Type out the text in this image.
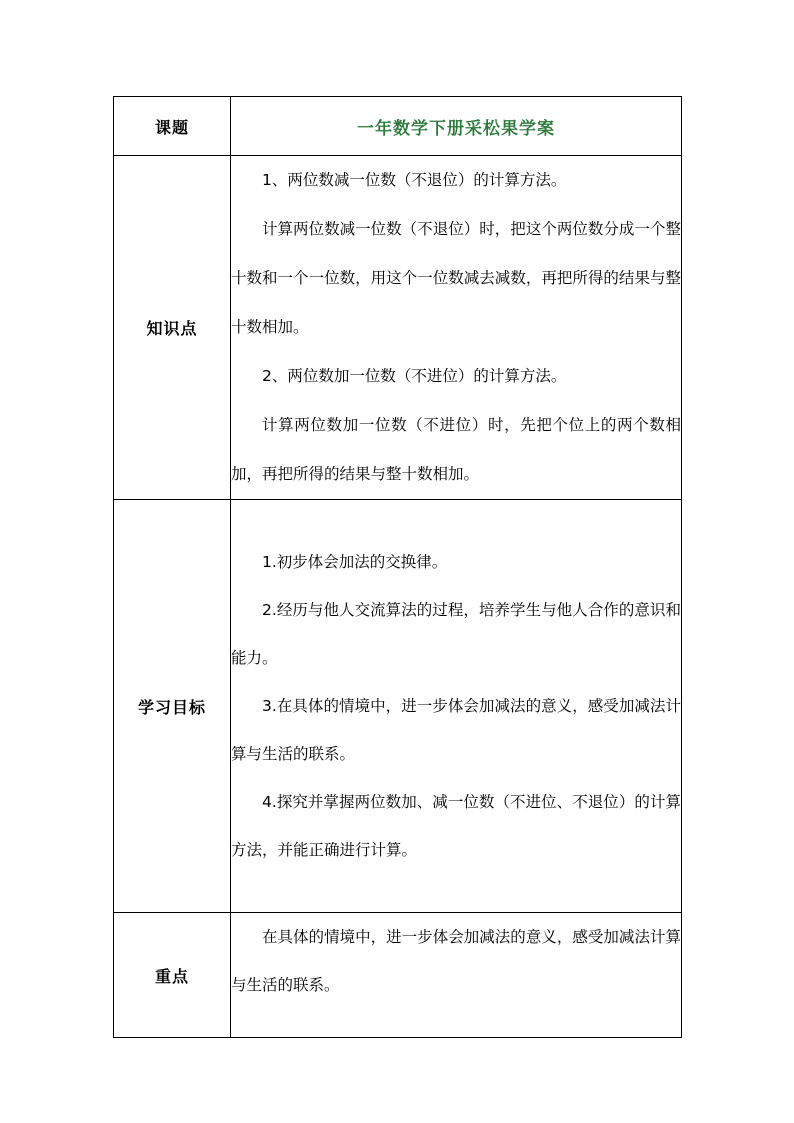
课题	一年数学下册采松果学案
知识点	1、两位数减一位数（不退位）的计算方法。

计算两位数减一位数（不退位）时，把这个两位数分成一个整十数和一个一位数，用这个一位数减去减数，再把所得的结果与整十数相加。

2、两位数加一位数（不进位）的计算方法。

计算两位数加一位数（不进位）时，先把个位上的两个数相加，再把所得的结果与整十数相加。

学习目标	1.初步体会加法的交换律。

2.经历与他人交流算法的过程，培养学生与他人合作的意识和能力。

3.在具体的情境中，进一步体会加减法的意义，感受加减法计算与生活的联系。

4.探究并掌握两位数加、减一位数（不进位、不退位）的计算方法，并能正确进行计算。

重点	在具体的情境中，进一步体会加减法的意义，感受加减法计算与生活的联系。
